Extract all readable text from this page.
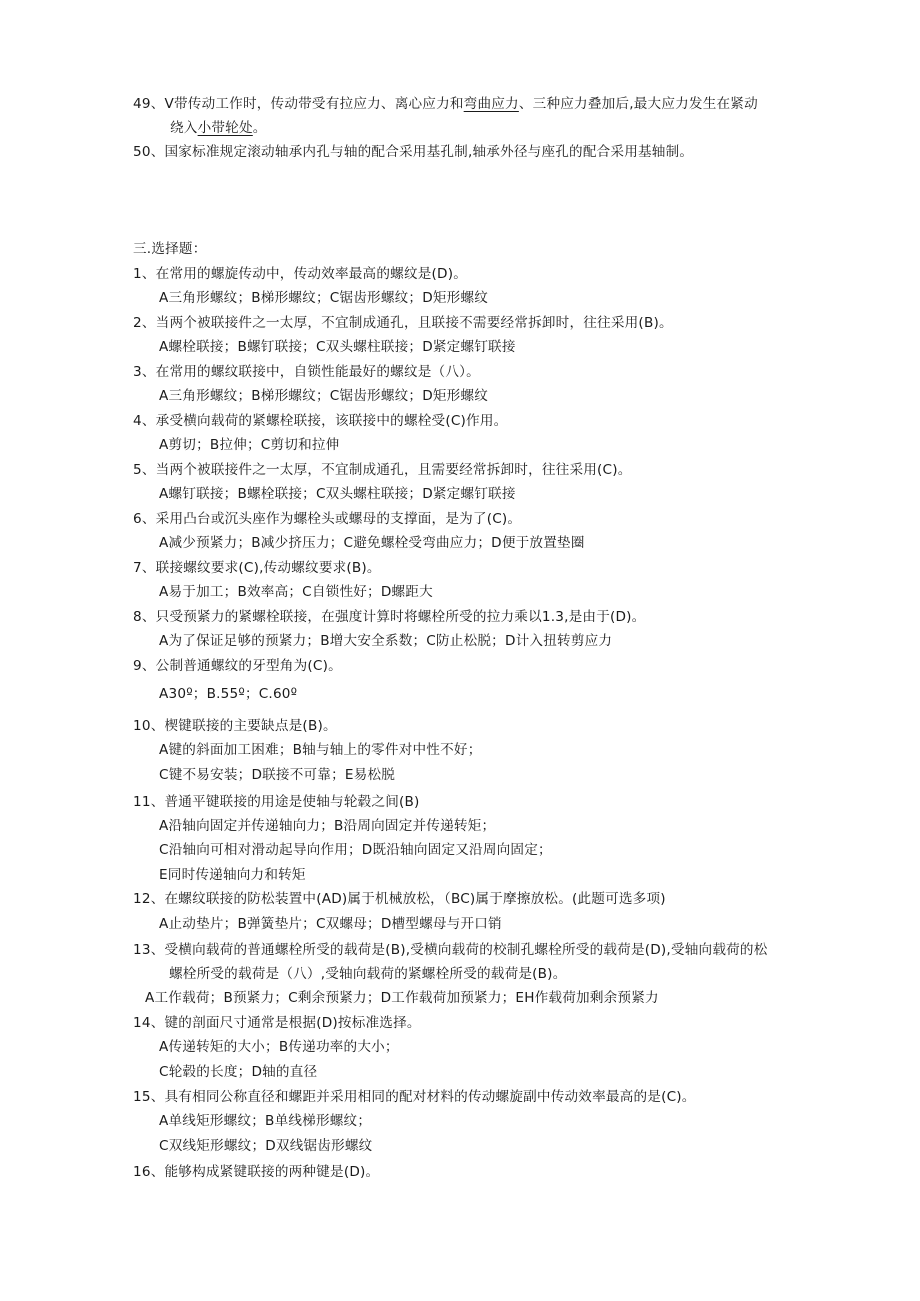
49、V带传动工作时，传动带受有拉应力、离心应力和弯曲应力、三种应力叠加后,最大应力发生在紧动
绕入小带轮处。
50、国家标准规定滚动轴承内孔与轴的配合采用基孔制,轴承外径与座孔的配合采用基轴制。
三.选择题：
1、在常用的螺旋传动中，传动效率最高的螺纹是(D)。
A三角形螺纹；B梯形螺纹；C锯齿形螺纹；D矩形螺纹
2、当两个被联接件之一太厚，不宜制成通孔，且联接不需要经常拆卸时，往往采用(B)。
A螺栓联接；B螺钉联接；C双头螺柱联接；D紧定螺钉联接
3、在常用的螺纹联接中，自锁性能最好的螺纹是（八）。
A三角形螺纹；B梯形螺纹；C锯齿形螺纹；D矩形螺纹
4、承受横向载荷的紧螺栓联接，该联接中的螺栓受(C)作用。
A剪切；B拉伸；C剪切和拉伸
5、当两个被联接件之一太厚，不宜制成通孔，且需要经常拆卸时，往往采用(C)。
A螺钉联接；B螺栓联接；C双头螺柱联接；D紧定螺钉联接
6、采用凸台或沉头座作为螺栓头或螺母的支撑面，是为了(C)。
A减少预紧力；B减少挤压力；C避免螺栓受弯曲应力；D便于放置垫圈
7、联接螺纹要求(C),传动螺纹要求(B)。
A易于加工；B效率高；C自锁性好；D螺距大
8、只受预紧力的紧螺栓联接，在强度计算时将螺栓所受的拉力乘以1.3,是由于(D)。
A为了保证足够的预紧力；B增大安全系数；C防止松脱；D计入扭转剪应力
9、公制普通螺纹的牙型角为(C)。
A30º；B.55º；C.60º
10、楔键联接的主要缺点是(B)。
A键的斜面加工困难；B轴与轴上的零件对中性不好；
C键不易安装；D联接不可靠；E易松脱
11、普通平键联接的用途是使轴与轮毂之间(B)
A沿轴向固定并传递轴向力；B沿周向固定并传递转矩；
C沿轴向可相对滑动起导向作用；D既沿轴向固定又沿周向固定；
E同时传递轴向力和转矩
12、在螺纹联接的防松装置中(AD)属于机械放松，（BC)属于摩擦放松。(此题可选多项)
A止动垫片；B弹簧垫片；C双螺母；D槽型螺母与开口销
13、受横向载荷的普通螺栓所受的载荷是(B),受横向载荷的校制孔螺栓所受的载荷是(D),受轴向载荷的松
螺栓所受的载荷是（八）,受轴向载荷的紧螺栓所受的载荷是(B)。
A工作载荷；B预紧力；C剩余预紧力；D工作载荷加预紧力；EH作载荷加剩余预紧力
14、键的剖面尺寸通常是根据(D)按标准选择。
A传递转矩的大小；B传递功率的大小；
C轮毂的长度；D轴的直径
15、具有相同公称直径和螺距并采用相同的配对材料的传动螺旋副中传动效率最高的是(C)。
A单线矩形螺纹；B单线梯形螺纹；
C双线矩形螺纹；D双线锯齿形螺纹
16、能够构成紧键联接的两种键是(D)。
